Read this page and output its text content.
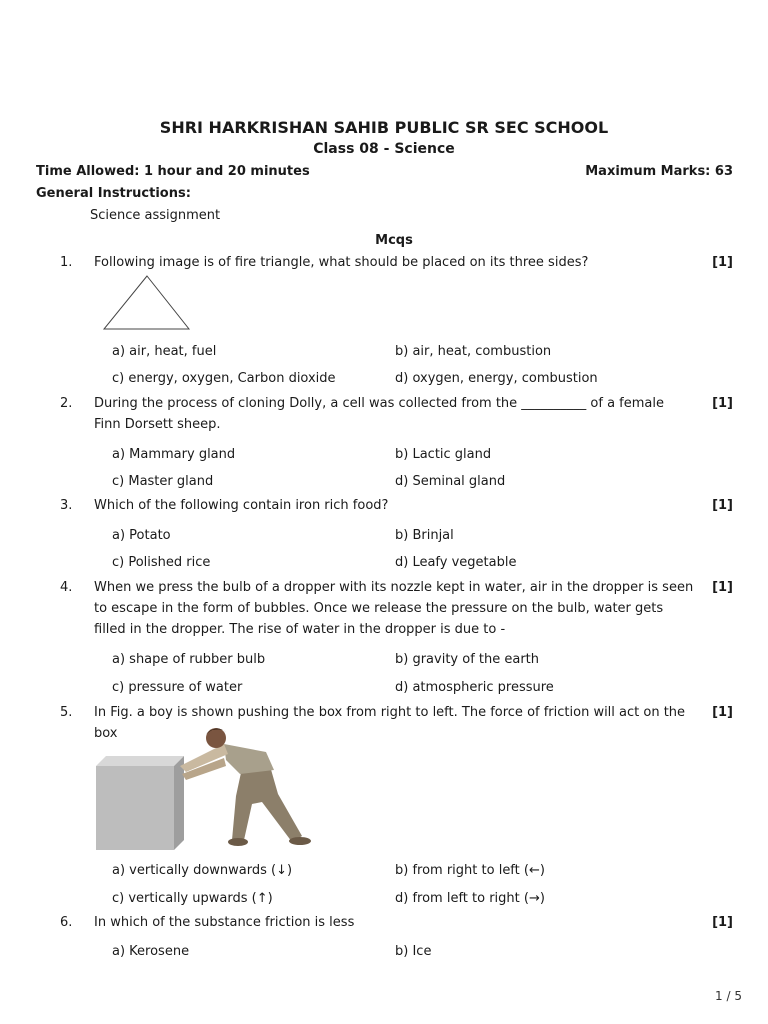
SHRI HARKRISHAN SAHIB PUBLIC SR SEC SCHOOL
Class 08 - Science
Time Allowed: 1 hour and 20 minutes	Maximum Marks: 63
General Instructions:
Science assignment
Mcqs
1. Following image is of fire triangle, what should be placed on its three sides?	[1]
a) air, heat, fuel	b) air, heat, combustion
c) energy, oxygen, Carbon dioxide	d) oxygen, energy, combustion
2. During the process of cloning Dolly, a cell was collected from the __________ of a female Finn Dorsett sheep.
[1]
a) Mammary gland	b) Lactic gland
c) Master gland	d) Seminal gland
3. Which of the following contain iron rich food?	[1]
a) Potato	b) Brinjal
c) Polished rice	d) Leafy vegetable
4. When we press the bulb of a dropper with its nozzle kept in water, air in the dropper is seen to escape in the form of bubbles. Once we release the pressure on the bulb, water gets filled in the dropper. The rise of water in the dropper is due to -
[1]
a) shape of rubber bulb	b) gravity of the earth
c) pressure of water	d) atmospheric pressure
5. In Fig. a boy is shown pushing the box from right to left. The force of friction will act on the box
[1]
a) vertically downwards (↓)	b) from right to left (←)
c) vertically upwards (↑)	d) from left to right (→)
6. In which of the substance friction is less	[1]
a) Kerosene	b) Ice
1 / 5
